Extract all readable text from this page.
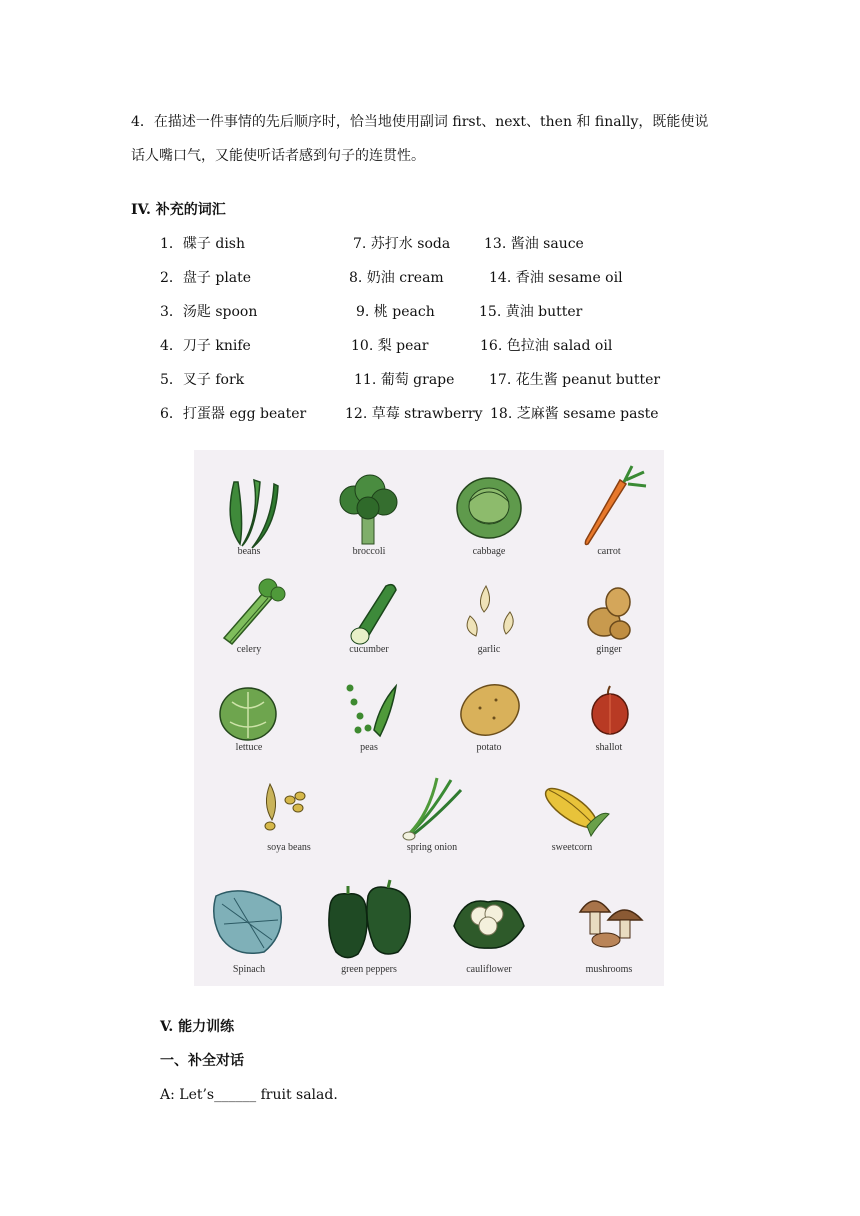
4．在描述一件事情的先后顺序时，恰当地使用副词 first、next、then 和 finally，既能使说
话人嘴口气，又能使听话者感到句子的连贯性。
IV. 补充的词汇
1．碟子 dish	7. 苏打水 soda 13. 酱油 sauce
2．盘子 plate	8. 奶油 cream	14. 香油 sesame oil
3．汤匙 spoon	9. 桃 peach	15. 黄油 butter
4．刀子 knife	10. 梨 pear	16. 色拉油 salad oil
5．叉子 fork	11. 葡萄 grape 17. 花生酱 peanut butter
6．打蛋器 egg beater	12. 草莓 strawberry 18. 芝麻酱 sesame paste
beans	broccoli	cabbage	carrot
celery	cucumber	garlic	ginger
lettuce	peas	potato	shallot
soya beans	spring onion	sweetcorn
Spinach	green peppers	cauliflower	mushrooms
V. 能力训练
一、补全对话
A: Let’s______ fruit salad.
